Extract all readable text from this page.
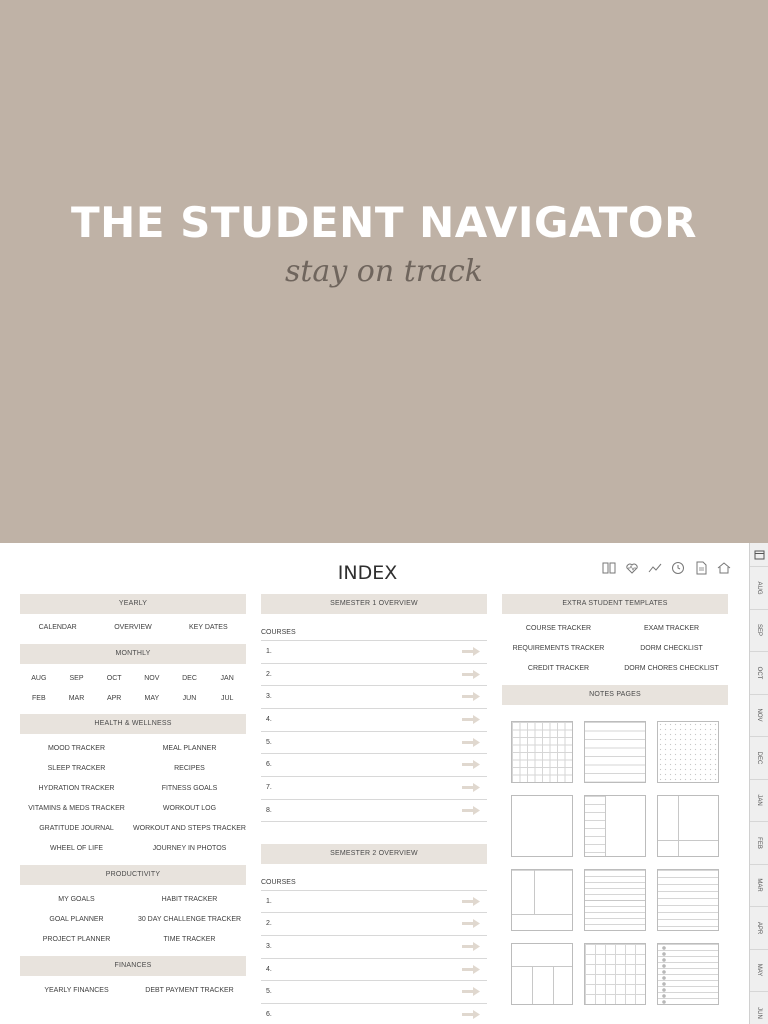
THE STUDENT NAVIGATOR
stay on track
INDEX
YEARLY
CALENDAR	OVERVIEW	KEY DATES
MONTHLY
AUG	SEP	OCT	NOV	DEC	JAN
FEB	MAR	APR	MAY	JUN	JUL
HEALTH & WELLNESS
MOOD TRACKER	MEAL PLANNER
SLEEP TRACKER	RECIPES
HYDRATION TRACKER	FITNESS GOALS
VITAMINS & MEDS TRACKER	WORKOUT LOG
GRATITUDE JOURNAL	WORKOUT AND STEPS TRACKER
WHEEL OF LIFE	JOURNEY IN PHOTOS
PRODUCTIVITY
MY GOALS	HABIT TRACKER
GOAL PLANNER	30 DAY CHALLENGE TRACKER
PROJECT PLANNER	TIME TRACKER
FINANCES
YEARLY FINANCES	DEBT PAYMENT TRACKER
SEMESTER 1 OVERVIEW
COURSES
1.
2.
3.
4.
5.
6.
7.
8.
SEMESTER 2 OVERVIEW
COURSES
1.
2.
3.
4.
5.
6.
EXTRA STUDENT TEMPLATES
COURSE TRACKER	EXAM TRACKER
REQUIREMENTS TRACKER	DORM CHECKLIST
CREDIT TRACKER	DORM CHORES CHECKLIST
NOTES PAGES
AUG
SEP
OCT
NOV
DEC
JAN
FEB
MAR
APR
MAY
JUN
